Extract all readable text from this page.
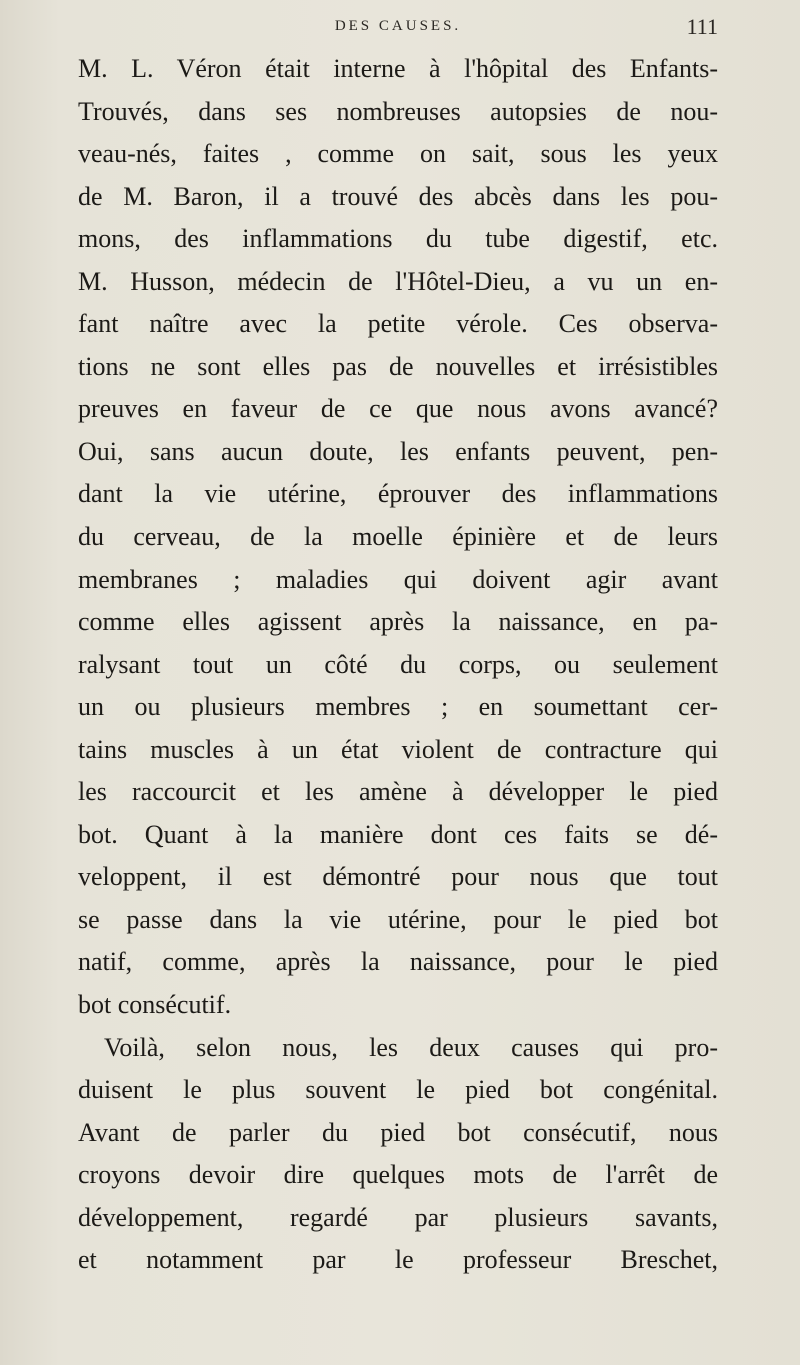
DES CAUSES.	111
M. L. Véron était interne à l'hôpital des Enfants-
Trouvés, dans ses nombreuses autopsies de nou-
veau-nés, faites , comme on sait, sous les yeux
de M. Baron, il a trouvé des abcès dans les pou-
mons, des inflammations du tube digestif, etc.
M. Husson, médecin de l'Hôtel-Dieu, a vu un en-
fant naître avec la petite vérole. Ces observa-
tions ne sont elles pas de nouvelles et irrésistibles
preuves en faveur de ce que nous avons avancé?
Oui, sans aucun doute, les enfants peuvent, pen-
dant la vie utérine, éprouver des inflammations
du cerveau, de la moelle épinière et de leurs
membranes ; maladies qui doivent agir avant
comme elles agissent après la naissance, en pa-
ralysant tout un côté du corps, ou seulement
un ou plusieurs membres ; en soumettant cer-
tains muscles à un état violent de contracture qui
les raccourcit et les amène à développer le pied
bot. Quant à la manière dont ces faits se dé-
veloppent, il est démontré pour nous que tout
se passe dans la vie utérine, pour le pied bot
natif, comme, après la naissance, pour le pied
bot consécutif.
Voilà, selon nous, les deux causes qui pro-
duisent le plus souvent le pied bot congénital.
Avant de parler du pied bot consécutif, nous
croyons devoir dire quelques mots de l'arrêt de
développement, regardé par plusieurs savants,
et notamment par le professeur Breschet,
